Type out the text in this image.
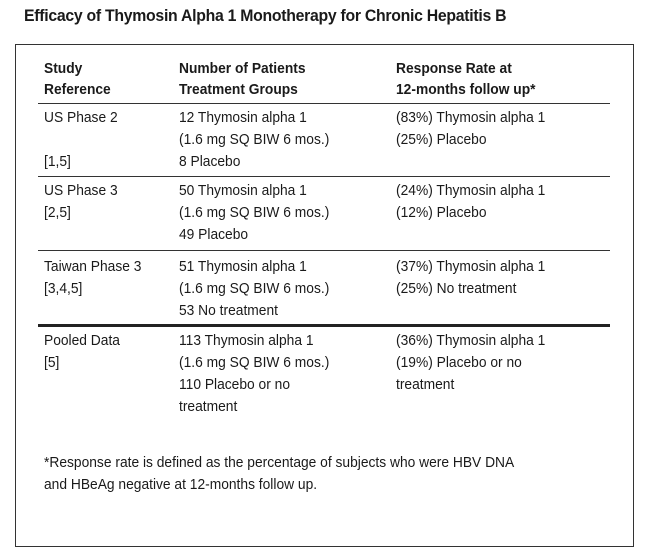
Efficacy of Thymosin Alpha 1 Monotherapy for Chronic Hepatitis B
Study
Reference
Number of Patients
Treatment Groups
Response Rate at
12-months follow up*
US Phase 2

[1,5]
12 Thymosin alpha 1
(1.6 mg SQ BIW 6 mos.)
8 Placebo
(83%) Thymosin alpha 1
(25%) Placebo
US Phase 3
[2,5]
50 Thymosin alpha 1
(1.6 mg SQ BIW 6 mos.)
49 Placebo
(24%) Thymosin alpha 1
(12%) Placebo
Taiwan Phase 3
[3,4,5]
51 Thymosin alpha 1
(1.6 mg SQ BIW 6 mos.)
53 No treatment
(37%) Thymosin alpha 1
(25%) No treatment
Pooled Data
[5]
113 Thymosin alpha 1
(1.6 mg SQ BIW 6 mos.)
110 Placebo or no
treatment
(36%) Thymosin alpha 1
(19%) Placebo or no
treatment
*Response rate is defined as the percentage of subjects who were HBV DNA
and HBeAg negative at 12-months follow up.
